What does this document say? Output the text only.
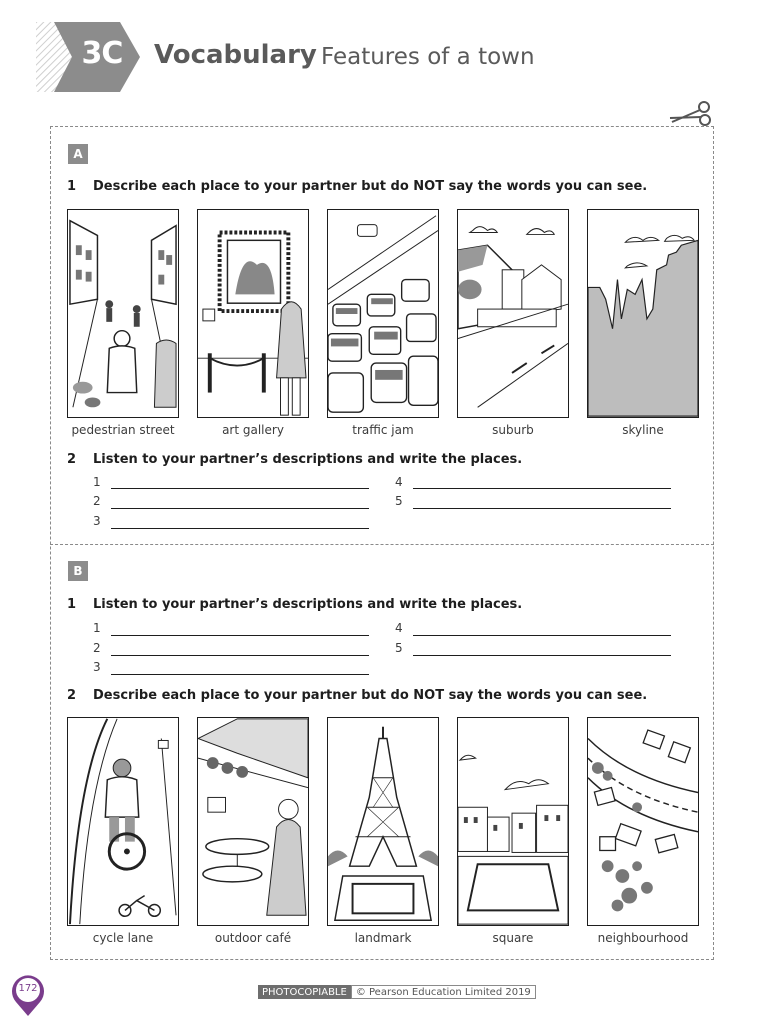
3C	Vocabulary Features of a town
A
1 Describe each place to your partner but do NOT say the words you can see.
pedestrian street	art gallery	traffic jam	suburb	skyline
2 Listen to your partner’s descriptions and write the places.
1
2
3
4
5
B
1 Listen to your partner’s descriptions and write the places.
1
2
3
4
5
2 Describe each place to your partner but do NOT say the words you can see.
cycle lane	outdoor café	landmark	square	neighbourhood
172	PHOTOCOPIABLE © Pearson Education Limited 2019
